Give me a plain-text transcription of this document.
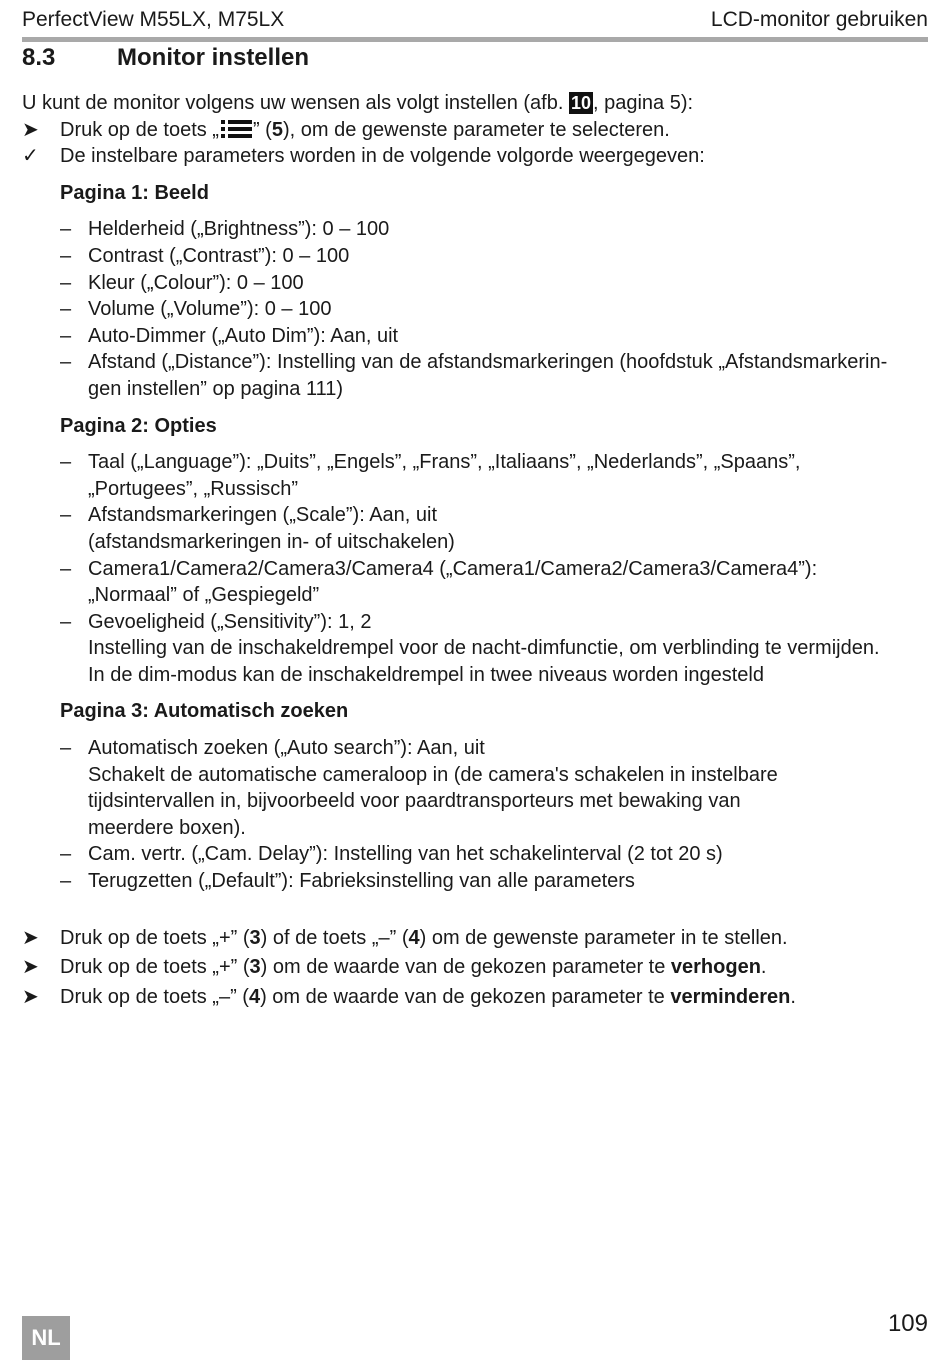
PerfectView M55LX, M75LX	LCD-monitor gebruiken
8.3	Monitor instellen
U kunt de monitor volgens uw wensen als volgt instellen (afb. 10 , pagina 5):
➤	Druk op de toets „ ” (5), om de gewenste parameter te selecteren.
✓	De instelbare parameters worden in de volgende volgorde weergegeven:
Pagina 1: Beeld
– Helderheid („Brightness”): 0 – 100
– Contrast („Contrast”): 0 – 100
– Kleur („Colour”): 0 – 100
– Volume („Volume”): 0 – 100
– Auto-Dimmer („Auto Dim”): Aan, uit
– Afstand („Distance”): Instelling van de afstandsmarkeringen (hoofdstuk „Afstandsmarkerin-
gen instellen” op pagina 111)
Pagina 2: Opties
– Taal („Language”): „Duits”, „Engels”, „Frans”, „Italiaans”, „Nederlands”, „Spaans”,
„Portugees”, „Russisch”
– Afstandsmarkeringen („Scale”): Aan, uit
(afstandsmarkeringen in- of uitschakelen)
– Camera1/Camera2/Camera3/Camera4 („Camera1/Camera2/Camera3/Camera4”):
„Normaal” of „Gespiegeld”
– Gevoeligheid („Sensitivity”): 1, 2
Instelling van de inschakeldrempel voor de nacht-dimfunctie, om verblinding te vermijden.
In de dim-modus kan de inschakeldrempel in twee niveaus worden ingesteld
Pagina 3: Automatisch zoeken
– Automatisch zoeken („Auto search”): Aan, uit
Schakelt de automatische cameraloop in (de camera's schakelen in instelbare
tijdsintervallen in, bijvoorbeeld voor paardtransporteurs met bewaking van
meerdere boxen).
– Cam. vertr. („Cam. Delay”): Instelling van het schakelinterval (2 tot 20 s)
– Terugzetten („Default”): Fabrieksinstelling van alle parameters
➤	Druk op de toets „+” (3) of de toets „–” (4) om de gewenste parameter in te stellen.
➤	Druk op de toets „+” (3) om de waarde van de gekozen parameter te verhogen.
➤	Druk op de toets „–” (4) om de waarde van de gekozen parameter te verminderen.
NL
109
